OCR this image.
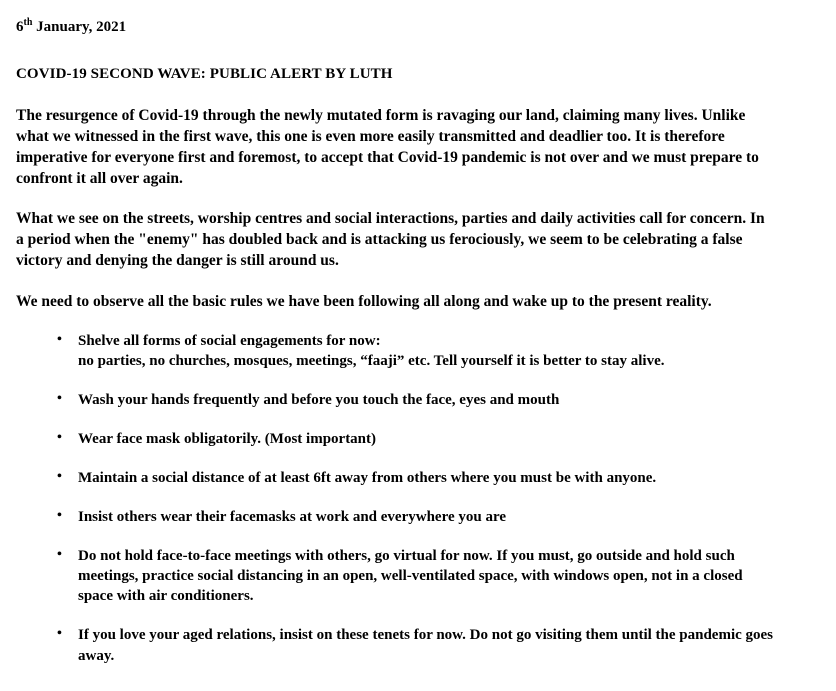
6th January, 2021

COVID-19 SECOND WAVE: PUBLIC ALERT BY LUTH

The resurgence of Covid-19 through the newly mutated form is ravaging our land, claiming many lives. Unlike what we witnessed in the first wave, this one is even more easily transmitted and deadlier too. It is therefore imperative for everyone first and foremost, to accept that Covid-19 pandemic is not over and we must prepare to confront it all over again.

What we see on the streets, worship centres and social interactions, parties and daily activities call for concern. In a period when the "enemy" has doubled back and is attacking us ferociously, we seem to be celebrating a false victory and denying the danger is still around us.

We need to observe all the basic rules we have been following all along and wake up to the present reality.

• Shelve all forms of social engagements for now:
no parties, no churches, mosques, meetings, “faaji” etc. Tell yourself it is better to stay alive.
• Wash your hands frequently and before you touch the face, eyes and mouth
• Wear face mask obligatorily. (Most important)
• Maintain a social distance of at least 6ft away from others where you must be with anyone.
• Insist others wear their facemasks at work and everywhere you are
• Do not hold face-to-face meetings with others, go virtual for now. If you must, go outside and hold such meetings, practice social distancing in an open, well-ventilated space, with windows open, not in a closed space with air conditioners.
• If you love your aged relations, insist on these tenets for now. Do not go visiting them until the pandemic goes away.
